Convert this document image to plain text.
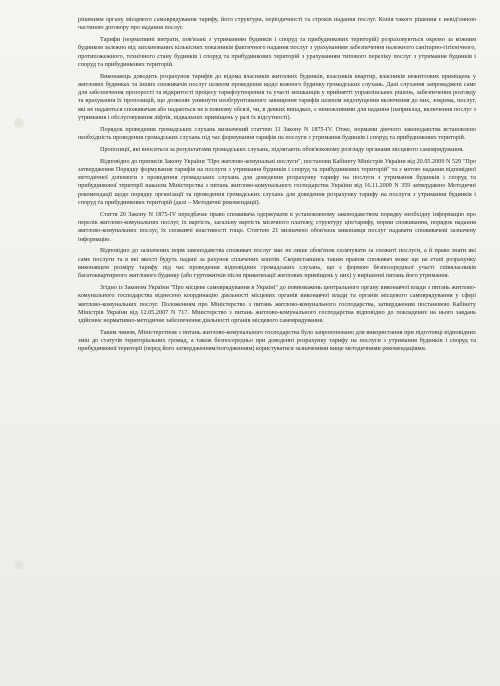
рішенням органу місцевого самоврядування тарифу, його структури, періодичності та строків надання послуг. Копія такого рішення є невід'ємною частиною договору про надання послуг.

Тарифи (нормативні витрати, пов'язані з утриманням будинків і споруд та прибудинкових територій) розраховуються окремо за кожним будинком залежно від запланованих кількісних показників фактичного надання послуг з урахуванням забезпечення належного санітарно-гігієнічного, протипожежного, технічного стану будинків і споруд та прибудинкових територій з урахуванням типового переліку послуг з утримання будинків і споруд та прибудинкових територій.

Виконавець доводить розрахунок тарифів до відома власників житлових будинків, власників квартир, власників нежитлових приміщень у житлових будинках та інших споживачів послуг шляхом проведення щодо кожного будинку громадських слухань. Дані слухання запроваджені саме для забезпечення прозорості та відкритості процесу тарифоутворення та участі мешканців у прийнятті управлінських рішень, забезпечення розгляду та врахування їх пропозицій, що дозволяє уникнути необгрунтованого завищення тарифів шляхом недопущення включення до них, зокрема, послуг, які не надаються споживачам або надаються не в повному обсязі, чи, в деяких випадках, є неможливими для надання (наприклад, включення послуг з утримання і обслуговування ліфтів, підвальних приміщень у разі їх відсутності).

Порядок проведення громадських слухань визначений статтею 11 Закону N 1875-IV. Отже, нормами діючого законодавства встановлено необхідність проведення громадських слухань під час формування тарифів на послуги з утримання будинків і споруд та прибудинкових територій.

Пропозиції, які вносяться за результатами громадських слухань, підлягають обов'язковому розгляду органами місцевого самоврядування.

Відповідно до приписів Закону України "Про житлово-комунальні послуги", постанови Кабінету Міністрів України від 20.05.2009 N 529 "Про затвердження Порядку формування тарифів на послуги з утримання будинків і споруд та прибудинкових територій" та з метою надання відповідної методичної допомоги з проведення громадських слухань для доведення розрахунку тарифу на послуги з утримання будинків і споруд та прибудинкової території наказом Міністерства з питань житлово-комунального господарства України від 16.11.2009 N 359 затверджено Методичні рекомендації щодо порядку організації та проведення громадських слухань для доведення розрахунку тарифу на послуги з утримання будинків і споруд та прибудинкових територій (далі – Методичні рекомендації).

Стаття 20 Закону N 1875-IV передбачає право споживача одержувати в установленому законодавством порядку необхідну інформацію про перелік житлово-комунальних послуг, їх вартість, загальну вартість місячного платежу, структуру цін/тарифу, норми споживання, порядок надання житлово-комунальних послуг, їх споживчі властивості тощо. Статтею 21 визначено обов'язок виконавця послуг надавати споживачеві зазначену інформацію.

Відповідно до зазначених норм законодавства споживач послуг має не лише обов'язок сплачувати за спожиті послуги, а й право знати які саме послуги та в які якості будуть надані за рахунок сплачених коштів. Скориставшись таким правом споживач може ще на етапі розрахунку виконавцем розміру тарифу під час проведення відповідних громадських слухань, що є формою безпосередньої участі співвласників багатоквартирного житлового будинку (або гуртожитків після приватизації житлових приміщень у них) у вирішенні питань його утримання.

Згідно із Законом України "Про місцеве самоврядування в Україні" до повноважень центрального органу виконавчої влади з питань житлово-комунального господарства віднесено координацію діяльності місцевих органів виконавчої влади та органів місцевого самоврядування у сфері житлово-комунальних послуг. Положенням про Міністерство з питань житлово-комунального господарства, затвердженим постановою Кабінету Міністрів України від 12.05.2007 N 717. Міністерство з питань житлово-комунального господарства відповідно до покладених на нього завдань здійснює нормативно-методичне забезпечення діяльності органів місцевого самоврядування.

Таким чином, Міністерством з питань житлово-комунального господарства було запропоновано для використання при підготовці відповідних змін до статутів територіальних громад, а також безпосередньо при доведенні розрахунку тарифу на послуги з утримання будинків і споруд та прибудинкової території (перед його затвердженням/погодженням) користуватися зазначеними вище методичними рекомендаціями.
